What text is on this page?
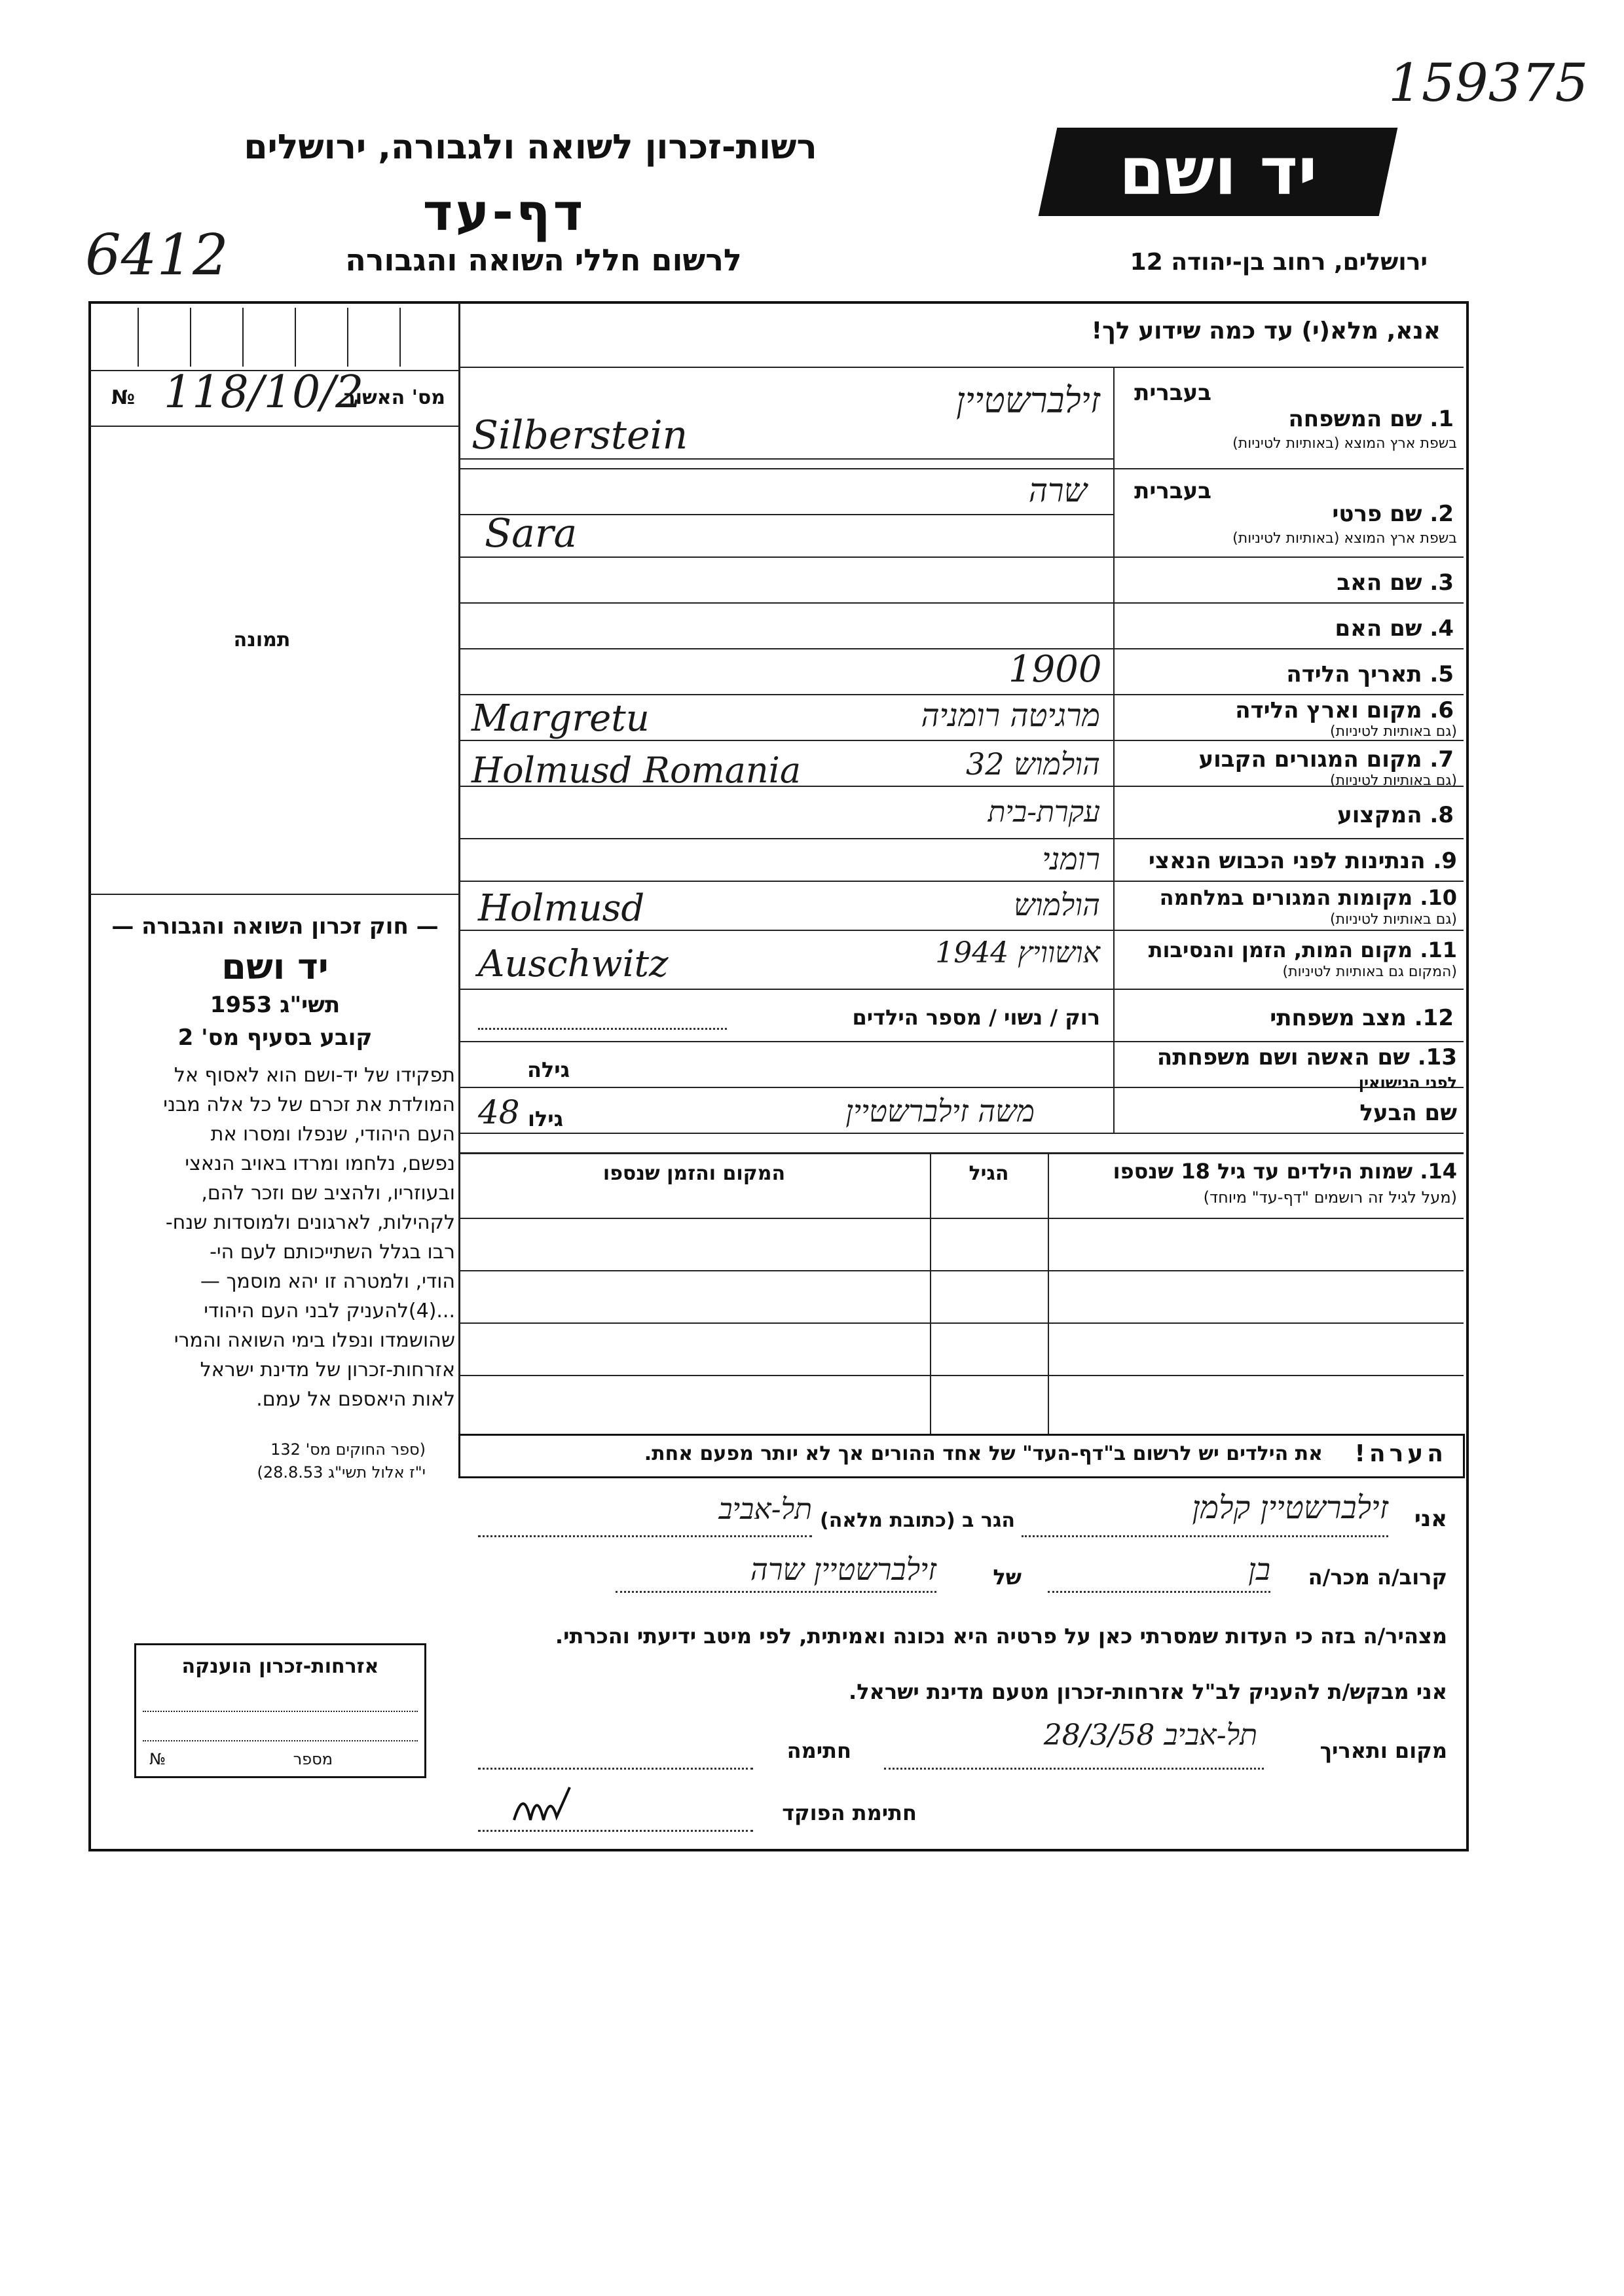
159375
יד ושם
רשות-זכרון לשואה ולגבורה, ירושלים
דף-עד
לרשום חללי השואה והגבורה
6412	ירושלים, רחוב בן-יהודה 12
אנא, מלא(י) עד כמה שידוע לך!
מס' האשור
118/10/2
№
תמונה
— חוק זכרון השואה והגבורה —
יד ושם
1953 תשי"ג
קובע בסעיף מס' 2
תפקידו של יד-ושם הוא לאסוף אל
המולדת את זכרם של כל אלה מבני
העם היהודי, שנפלו ומסרו את
נפשם, נלחמו ומרדו באויב הנאצי
ובעוזריו, ולהציב שם וזכר להם,
לקהילות, לארגונים ולמוסדות שנח-
רבו בגלל השתייכותם לעם הי-
הודי, ולמטרה זו יהא מוסמך —
...(4)להעניק לבני העם היהודי
שהושמדו ונפלו בימי השואה והמרי
אזרחות-זכרון של מדינת ישראל
לאות היאספם אל עמם.
(ספר החוקים מס' 132
י"ז אלול תשי"ג 28.8.53)
אזרחות-זכרון הוענקה
מספר
№
בעברית
1. שם המשפחה
בשפת ארץ המוצא (באותיות לטיניות)
זילברשטיין
Silberstein
בעברית
2. שם פרטי
בשפת ארץ המוצא (באותיות לטיניות)
שרה
Sara
3. שם האב
4. שם האם
5. תאריך הלידה
1900
6. מקום וארץ הלידה
(גם באותיות לטיניות)
מרגיטה רומניה
Margretu
7. מקום המגורים הקבוע
(גם באותיות לטיניות)
הולמוש 32
Holmusd Romania
8. המקצוע
עקרת-בית
9. הנתינות לפני הכבוש הנאצי
רומני
10. מקומות המגורים במלחמה
(גם באותיות לטיניות)
הולמוש
Holmusd
11. מקום המות, הזמן והנסיבות
(המקום גם באותיות לטיניות)
אושוויץ 1944
Auschwitz
12. מצב משפחתי
רוק / נשוי / מספר הילדים
13. שם האשה ושם משפחתה
לפני הנישואין
גילה
שם הבעל
משה זילברשטיין
גילו
48
14. שמות הילדים עד גיל 18 שנספו
(מעל לגיל זה רושמים "דף-עד" מיוחד)
הגיל
המקום והזמן שנספו
הערה!
את הילדים יש לרשום ב"דף-העד" של אחד ההורים אך לא יותר מפעם אחת.
אני
זילברשטיין קלמן
הגר ב (כתובת מלאה)
תל-אביב
קרוב/ה מכר/ה
בן
של
זילברשטיין שרה
מצהיר/ה בזה כי העדות שמסרתי כאן על פרטיה היא נכונה ואמיתית, לפי מיטב ידיעתי והכרתי.
אני מבקש/ת להעניק לב"ל אזרחות-זכרון מטעם מדינת ישראל.
מקום ותאריך
תל-אביב 28/3/58
חתימה
חתימת הפוקד
